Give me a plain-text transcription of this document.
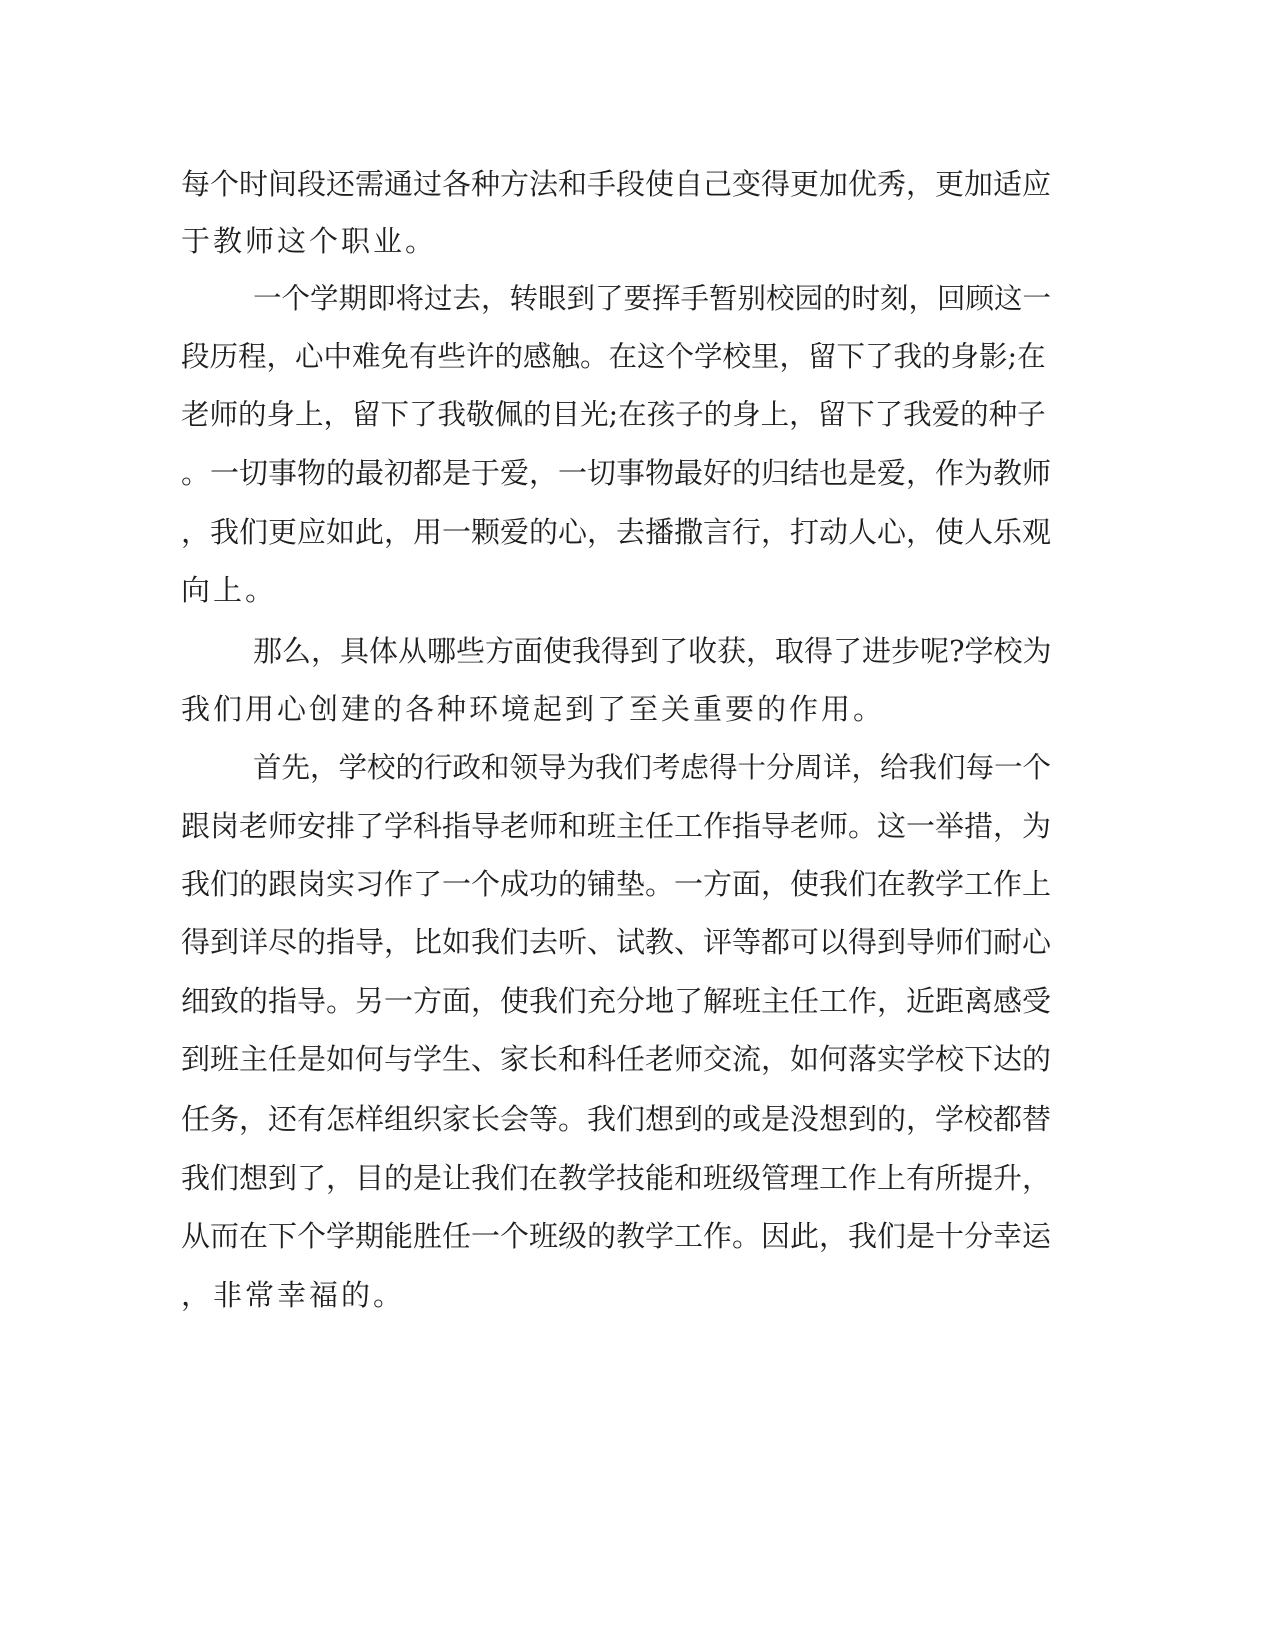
每个时间段还需通过各种方法和手段使自己变得更加优秀，更加适应
于教师这个职业。
一个学期即将过去，转眼到了要挥手暂别校园的时刻，回顾这一
段历程，心中难免有些许的感触。在这个学校里，留下了我的身影;在
老师的身上，留下了我敬佩的目光;在孩子的身上，留下了我爱的种子
。一切事物的最初都是于爱，一切事物最好的归结也是爱，作为教师
，我们更应如此，用一颗爱的心，去播撒言行，打动人心，使人乐观
向上。
那么，具体从哪些方面使我得到了收获，取得了进步呢?学校为
我们用心创建的各种环境起到了至关重要的作用。
首先，学校的行政和领导为我们考虑得十分周详，给我们每一个
跟岗老师安排了学科指导老师和班主任工作指导老师。这一举措，为
我们的跟岗实习作了一个成功的铺垫。一方面，使我们在教学工作上
得到详尽的指导，比如我们去听、试教、评等都可以得到导师们耐心
细致的指导。另一方面，使我们充分地了解班主任工作，近距离感受
到班主任是如何与学生、家长和科任老师交流，如何落实学校下达的
任务，还有怎样组织家长会等。我们想到的或是没想到的，学校都替
我们想到了，目的是让我们在教学技能和班级管理工作上有所提升，
从而在下个学期能胜任一个班级的教学工作。因此，我们是十分幸运
，非常幸福的。
